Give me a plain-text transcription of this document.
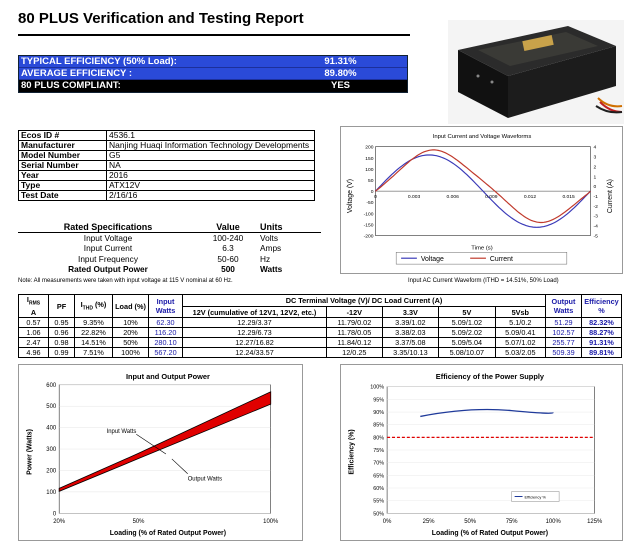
80 PLUS Verification and Testing Report
TYPICAL EFFICIENCY (50% Load):	91.31%
AVERAGE EFFICIENCY :	89.80%
80 PLUS COMPLIANT:	YES
Ecos ID #	4536.1
Manufacturer	Nanjing Huaqi Information Technology Developments
Model Number	G5
Serial Number	NA
Year	2016
Type	ATX12V
Test Date	2/16/16
Rated Specifications	Value	Units
Input Voltage	100-240	Volts
Input Current	6.3	Amps
Input Frequency	50-60	Hz
Rated Output Power	500	Watts
Note: All measurements were taken with input voltage at 115 V nominal at 60 Hz.	Input AC Current Waveform (ITHD = 14.51%, 50% Load)
Input Current and Voltage Waveforms
200
150
100
50
0
-50
-100
-150
-200
4
3
2
1
0
-1
-2
-3
-4
-5
0	0.003	0.006	0.009	0.012	0.015
Time (s)
Voltage (V)	Current (A)
Voltage	Current
$I_{RMS}$
A	PF	$I_{THD}$ (%)	Load (%)	Input Watts	DC Terminal Voltage (V)/ DC Load Current (A)					Output Watts	Efficiency %
					12V (cumulative of 12V1, 12V2, etc.)	-12V	3.3V	5V	5Vsb		
0.57	0.95	9.35%	10%	62.30	12.29/3.37	11.79/0.02	3.39/1.02	5.09/1.02	5.1/0.2	51.29	82.32%
1.06	0.96	22.82%	20%	116.20	12.29/6.73	11.78/0.05	3.38/2.03	5.09/2.02	5.09/0.41	102.57	88.27%
2.47	0.98	14.51%	50%	280.10	12.27/16.82	11.84/0.12	3.37/5.08	5.09/5.04	5.07/1.02	255.77	91.31%
4.96	0.99	7.51%	100%	567.20	12.24/33.57	12/0.25	3.35/10.13	5.08/10.07	5.03/2.05	509.39	89.81%
Input and Output Power
0
100
200
300
400
500
600
20%	50%	100%
Input Watts
Output Watts
Loading (% of Rated Output Power)
Power (Watts)
Efficiency of the Power Supply
100%
95%
90%
85%
80%
75%
70%
65%
60%
55%
50%
0%	25%	50%	75%	100%	125%
Efficiency %
Loading (% of Rated Output Power)
Efficiency (%)
